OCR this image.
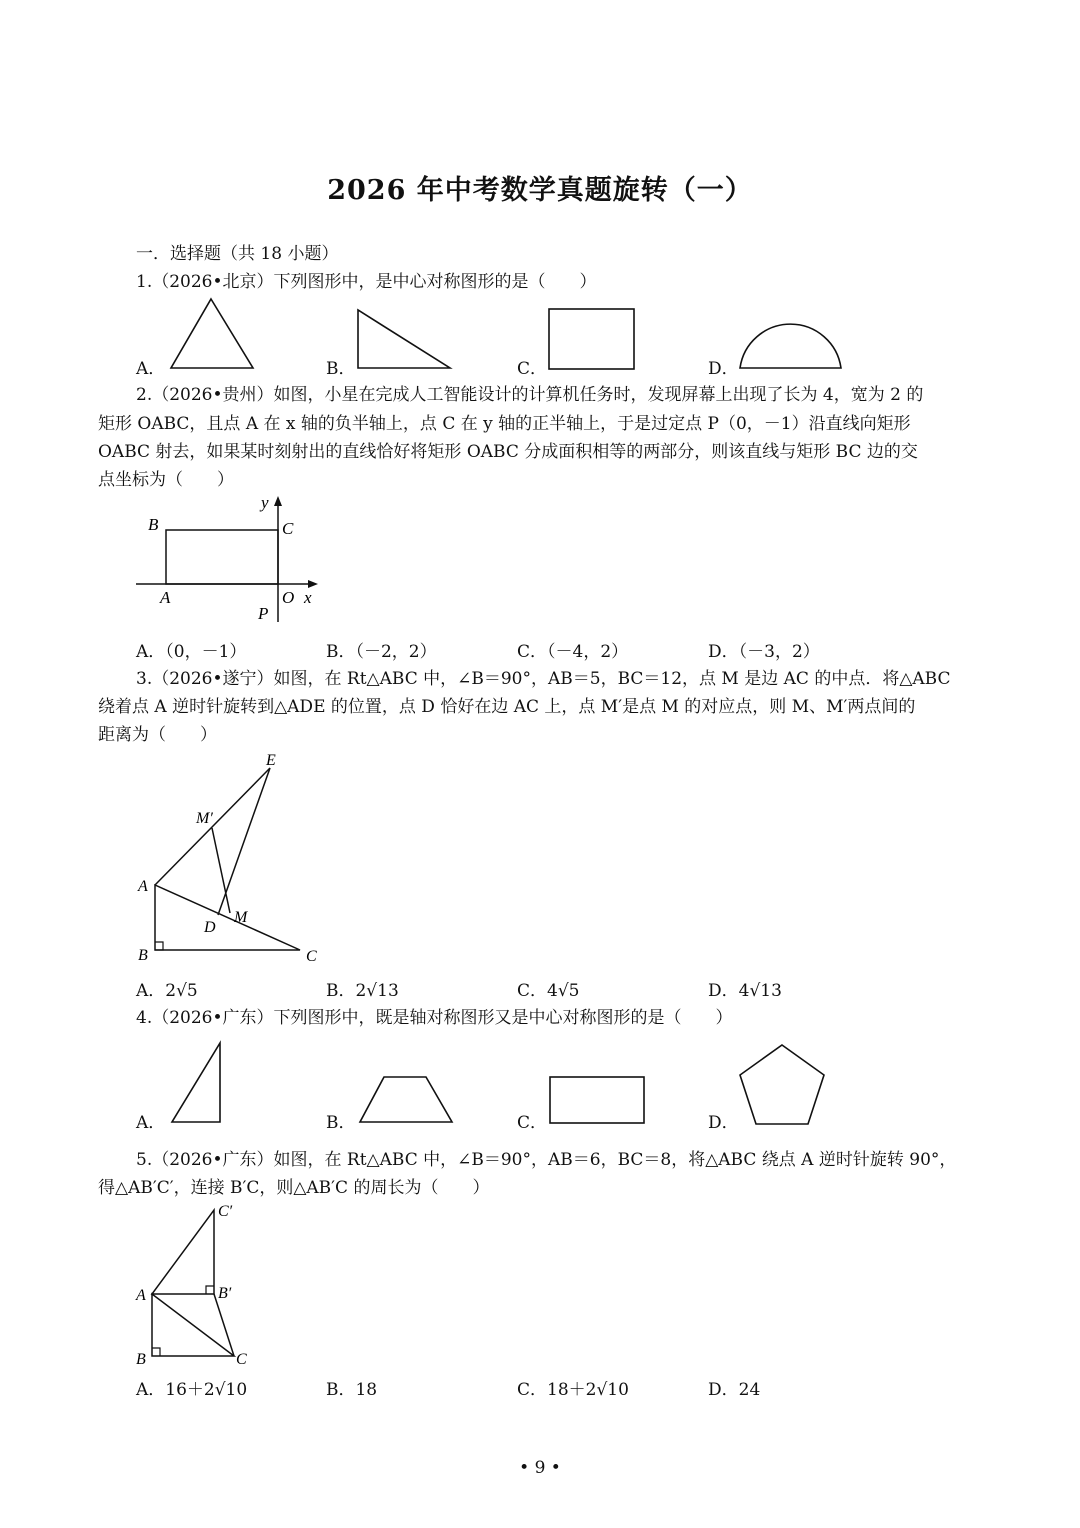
2026 年中考数学真题旋转（一）
一．选择题（共 18 小题）
1.（2026•北京）下列图形中，是中心对称图形的是（　　）
A．	B．	C．	D．
2.（2026•贵州）如图，小星在完成人工智能设计的计算机任务时，发现屏幕上出现了长为 4，宽为 2 的
矩形 OABC，且点 A 在 x 轴的负半轴上，点 C 在 y 轴的正半轴上，于是过定点 P（0，－1）沿直线向矩形
OABC 射去，如果某时刻射出的直线恰好将矩形 OABC 分成面积相等的两部分，则该直线与矩形 BC 边的交
点坐标为（　　）
y
B	C
A	O x
P
A．（0，－1）	B．（－2，2）	C．（－4，2）	D．（－3，2）
3.（2026•遂宁）如图，在 Rt△ABC 中，∠B＝90°，AB＝5，BC＝12，点 M 是边 AC 的中点．将△ABC
绕着点 A 逆时针旋转到△ADE 的位置，点 D 恰好在边 AC 上，点 M′是点 M 的对应点，则 M、M′两点间的
距离为（　　）
E
M′
A
M
D
B	C
A．2√5	B．2√13	C．4√5	D．4√13
4.（2026•广东）下列图形中，既是轴对称图形又是中心对称图形的是（　　）
A．	B．	C．	D．
5.（2026•广东）如图，在 Rt△ABC 中，∠B＝90°，AB＝6，BC＝8，将△ABC 绕点 A 逆时针旋转 90°，
得△AB′C′，连接 B′C，则△AB′C 的周长为（　　）
C′
A	B′
B	C
A．16＋2√10	B．18	C．18＋2√10	D．24
• 9 •
